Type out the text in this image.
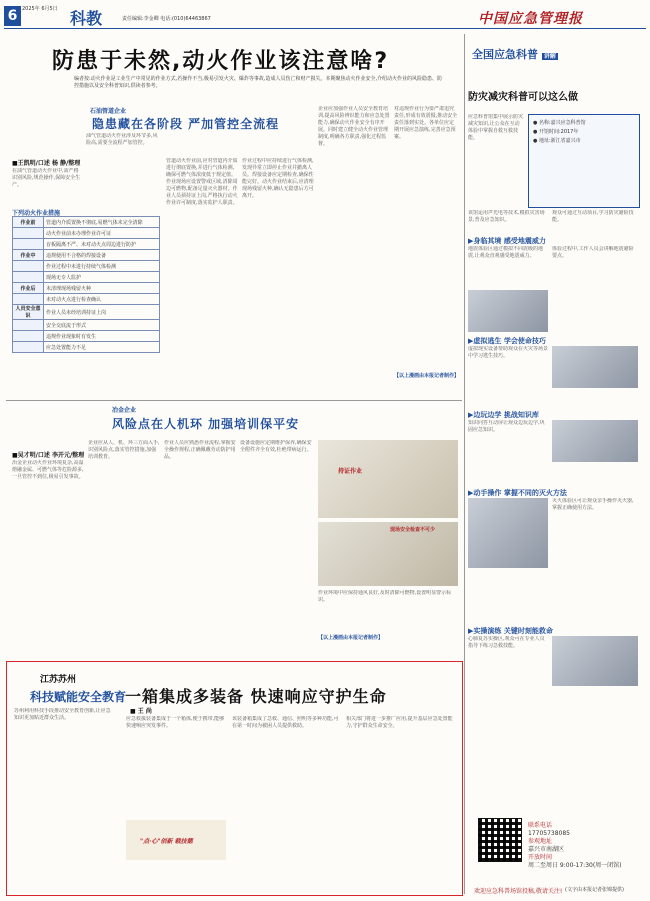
6 2025年 6月5日 科教	责任编辑:李金卿 电话:(010)64463867	中国应急管理报
防患于未然,动火作业该注意啥?
编者按:动火作业是工业生产中常见的作业方式,若操作不当,极易引发火灾、爆炸等事故,造成人员伤亡和财产损失。本期聚焦动火作业安全,介绍动火作业的风险隐患、防控措施以及安全科普知识,供读者参考。
石油管道企业
隐患藏在各阶段 严加管控全流程
■王凯明/口述 杨 静/整理
在油气管道动火作业中,需严格识别风险,规范操作,保障安全生产。
油气管道动火作业涉及环节多,风险高,需要全流程严加管控。
下列动火作业措施
作业前	管道内介质置换不彻底,易燃气体未完全清除
	动火作业前未办理作业许可证
	盲板隔离不严、未对动火点周边进行防护
作业中	违规使用不合格的焊接设备
	作业过程中未进行持续气体检测
	现场无专人监护
作业后	未清理现场残留火种
	未对动火点进行检查确认
人员安全意识	作业人员未经培训持证上岗
	安全交底流于形式
	违规作业现象时有发生
	应急处置能力不足
管道动火作业前,应对管道内介质进行彻底置换,并进行气体检测,确保可燃气体浓度低于规定值。作业现场应设置警戒区域,清除周边可燃物,配备足量灭火器材。作业人员须持证上岗,严格执行动火作业许可制度,落实监护人职责。
作业过程中应持续进行气体检测,发现异常立即停止作业并撤离人员。焊接设备应定期检查,确保性能完好。动火作业结束后,应清理现场残留火种,确认无隐患后方可离开。
企业应加强作业人员安全教育培训,提高风险辨识能力和应急处置能力,确保动火作业安全有序开展。同时建立健全动火作业管理制度,明确各方职责,强化过程监督。
对违规作业行为要严肃追究责任,形成有效震慑,推动安全责任落到实处。各单位应定期开展应急演练,完善应急预案。
【以上漫画由本报记者制作】
冶金企业
风险点在人机环 加强培训保平安
■吴才明/口述 李开元/整理
冶金企业动火作业环境复杂,高温熔融金属、可燃气体等危险源多,一旦管控不到位,极易引发事故。
企业应从人、机、环三方面入手,识别风险点,落实管控措施,加强培训教育。
作业人员应熟悉作业流程,掌握安全操作规程,正确佩戴劳动防护用品。
设备设施应定期维护保养,确保安全附件齐全有效,杜绝带病运行。
持证作业
现场安全检查不可少
作业环境中应保持通风良好,及时清除可燃物,设置明显警示标识。
【以上漫画由本报记者制作】
全国应急科普 讲解
防灾减灾科普可以这么做
应急科普馆集中展示防灾减灾知识,让公众在互动体验中掌握自救互救技能。
● 名称:嘉兴应急科普馆
● 开馆时间:2017年
● 地址:浙江省嘉兴市
该馆运用声光电等技术,模拟灾害场景,普及应急知识。
观众可通过互动项目,学习防灾避险技能。
▶身临其境 感受地震威力
地震体验区通过模拟不同震级的地震,让观众直观感受地震威力。
体验过程中,工作人员会讲解地震避险要点。
▶虚拟逃生 学会使命技巧
虚拟现实设备帮助观众在火灾等场景中学习逃生技巧。
▶边玩边学 挑战知识库
知识问答互动屏让观众边玩边学,巩固应急知识。
▶动手操作 掌握不同的灭火方法
灭火体验区可让观众亲手操作灭火器,掌握正确使用方法。
▶实操演练 关键时刻能救命
心肺复苏实操区,观众可在专业人员指导下练习急救技能。
联系电话
17705738085
参观地址
嘉兴市南湖区
开放时间
周二至周日 9:00-17:30(周一闭馆)
欢迎应急科普场馆投稿,敬请关注! (文字由本报记者张锦提供)
江苏苏州
科技赋能安全教育
一箱集成多装备 快速响应守护生命
■ 王 尚
苏州利用科技手段推动安全教育创新,让应急知识更加贴近群众生活。	应急救援装备集成于一个箱体,便于携带,能够快速响应突发事件。
"点·心"创新 载技德
该装备箱集成了急救、通信、照明等多种功能,可在第一时间为被困人员提供救助。
相关部门将进一步推广应用,提升基层应急处置能力,守护群众生命安全。
